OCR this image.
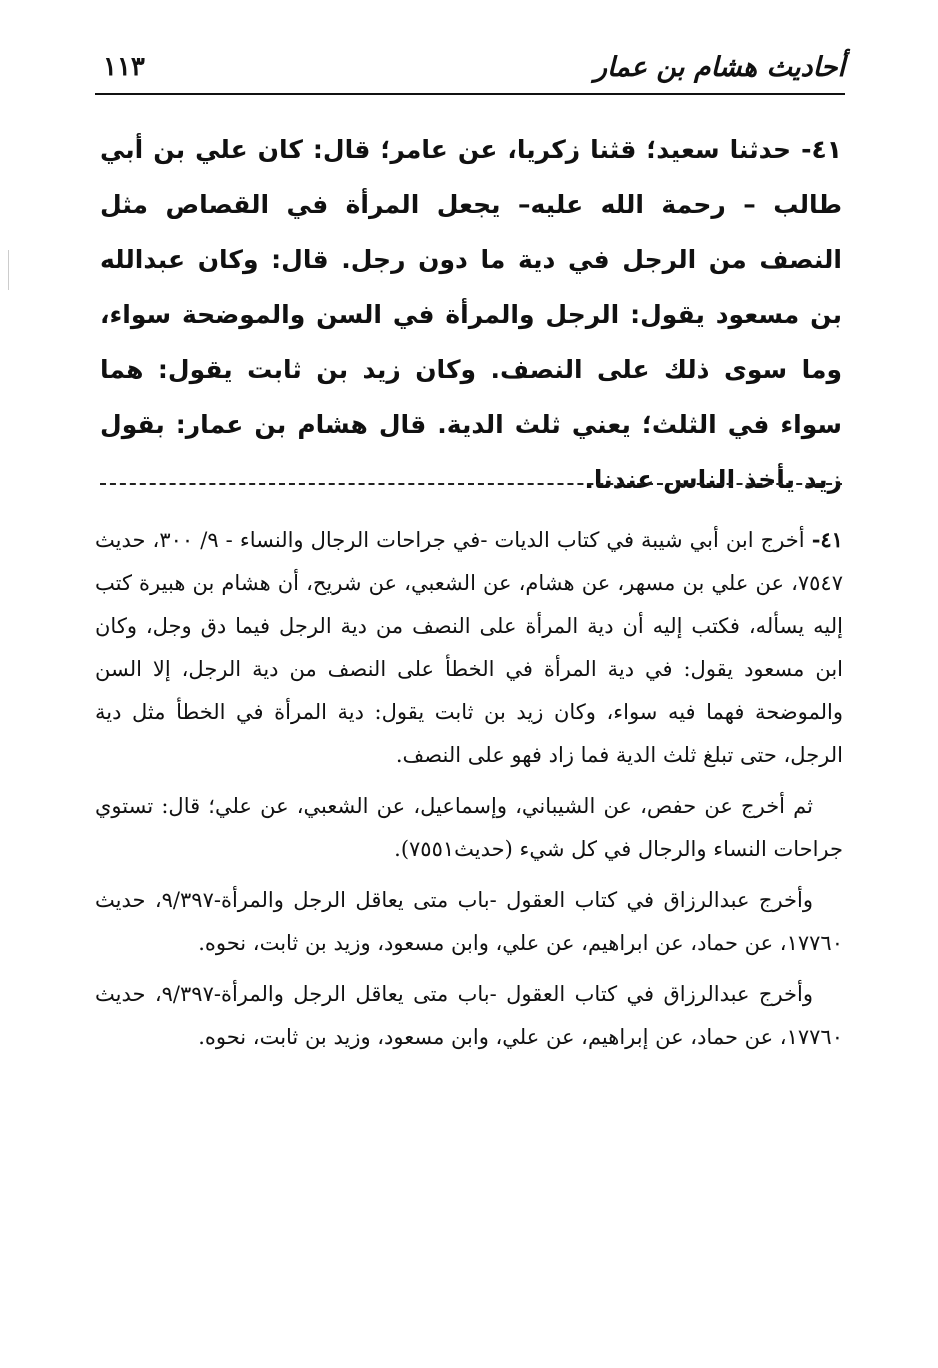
أحاديث هشام بن عمار
١١٣
٤١- حدثنا سعيد؛ قثنا زكريا، عن عامر؛ قال: كان علي بن أبي طالب – رحمة الله عليه– يجعل المرأة في القصاص مثل النصف من الرجل في دية ما دون رجل. قال: وكان عبدالله بن مسعود يقول: الرجل والمرأة في السن والموضحة سواء، وما سوى ذلك على النصف. وكان زيد بن ثابت يقول: هما سواء في الثلث؛ يعني ثلث الدية. قال هشام بن عمار: بقول زيد يأخذ الناس عندنا.

٤١- أخرج ابن أبي شيبة في كتاب الديات -في جراحات الرجال والنساء - ٩/ ٣٠٠، حديث ٧٥٤٧، عن علي بن مسهر، عن هشام، عن الشعبي، عن شريح، أن هشام بن هبيرة كتب إليه يسأله، فكتب إليه أن دية المرأة على النصف من دية الرجل فيما دق وجل، وكان ابن مسعود يقول: في دية المرأة في الخطأ على النصف من دية الرجل، إلا السن والموضحة فهما فيه سواء، وكان زيد بن ثابت يقول: دية المرأة في الخطأ مثل دية الرجل، حتى تبلغ ثلث الدية فما زاد فهو على النصف.

ثم أخرج عن حفص، عن الشيباني، وإسماعيل، عن الشعبي، عن علي؛ قال: تستوي جراحات النساء والرجال في كل شيء (حديث٧٥٥١).

وأخرج عبدالرزاق في كتاب العقول -باب متى يعاقل الرجل والمرأة-٩/٣٩٧، حديث ١٧٧٦٠، عن حماد، عن ابراهيم، عن علي، وابن مسعود، وزيد بن ثابت، نحوه.

وأخرج عبدالرزاق في كتاب العقول -باب متى يعاقل الرجل والمرأة-٩/٣٩٧، حديث ١٧٧٦٠، عن حماد، عن إبراهيم، عن علي، وابن مسعود، وزيد بن ثابت، نحوه.
